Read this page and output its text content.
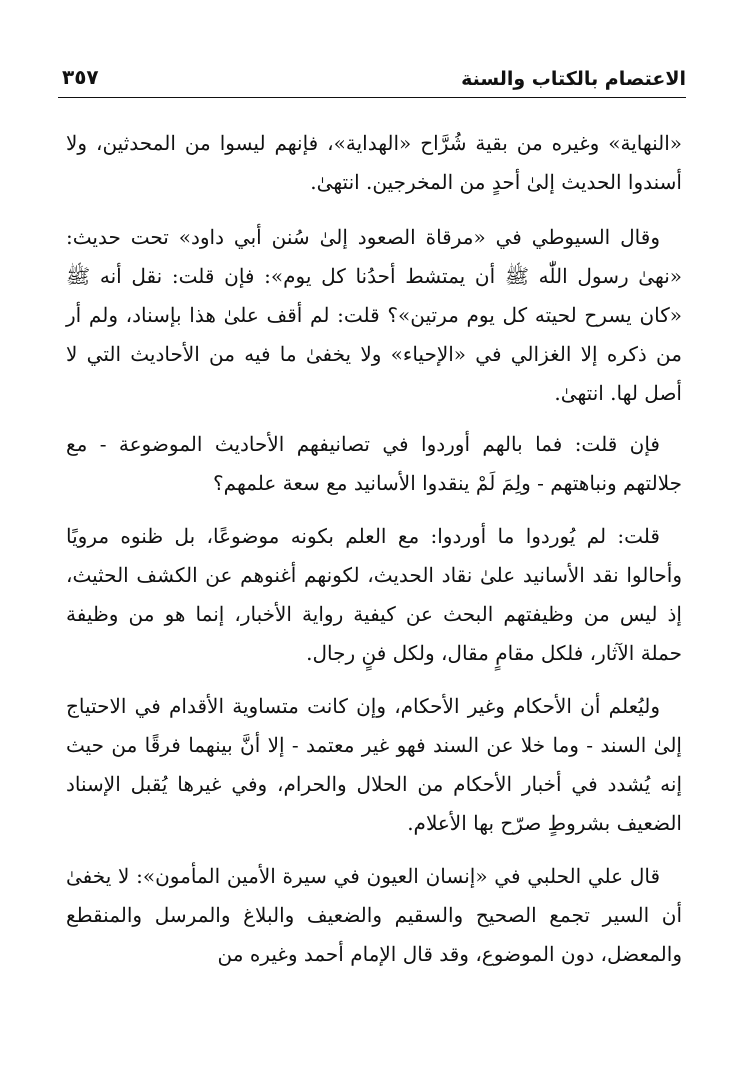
الاعتصام بالكتاب والسنة
٣٥٧

«النهاية» وغيره من بقية شُرَّاح «الهداية»، فإنهم ليسوا من المحدثين، ولا أسندوا الحديث إلىٰ أحدٍ من المخرجين. انتهىٰ.

وقال السيوطي في «مرقاة الصعود إلىٰ سُنن أبي داود» تحت حديث: «نهىٰ رسول اللّٰه ﷺ أن يمتشط أحدُنا كل يوم»: فإن قلت: نقل أنه ﷺ «كان يسرح لحيته كل يوم مرتين»؟ قلت: لم أقف علىٰ هذا بإسناد، ولم أر من ذكره إلا الغزالي في «الإحياء» ولا يخفىٰ ما فيه من الأحاديث التي لا أصل لها. انتهىٰ.

فإن قلت: فما بالهم أوردوا في تصانيفهم الأحاديث الموضوعة - مع جلالتهم ونباهتهم - ولِمَ لَمْ ينقدوا الأسانيد مع سعة علمهم؟

قلت: لم يُوردوا ما أوردوا: مع العلم بكونه موضوعًا، بل ظنوه مرويًا وأحالوا نقد الأسانيد علىٰ نقاد الحديث، لكونهم أغنوهم عن الكشف الحثيث، إذ ليس من وظيفتهم البحث عن كيفية رواية الأخبار، إنما هو من وظيفة حملة الآثار، فلكل مقامٍ مقال، ولكل فنٍ رجال.

وليُعلم أن الأحكام وغير الأحكام، وإن كانت متساوية الأقدام في الاحتياج إلىٰ السند - وما خلا عن السند فهو غير معتمد - إلا أنَّ بينهما فرقًا من حيث إنه يُشدد في أخبار الأحكام من الحلال والحرام، وفي غيرها يُقبل الإسناد الضعيف بشروطٍ صرّح بها الأعلام.

قال علي الحلبي في «إنسان العيون في سيرة الأمين المأمون»: لا يخفىٰ أن السير تجمع الصحيح والسقيم والضعيف والبلاغ والمرسل والمنقطع والمعضل، دون الموضوع، وقد قال الإمام أحمد وغيره من
